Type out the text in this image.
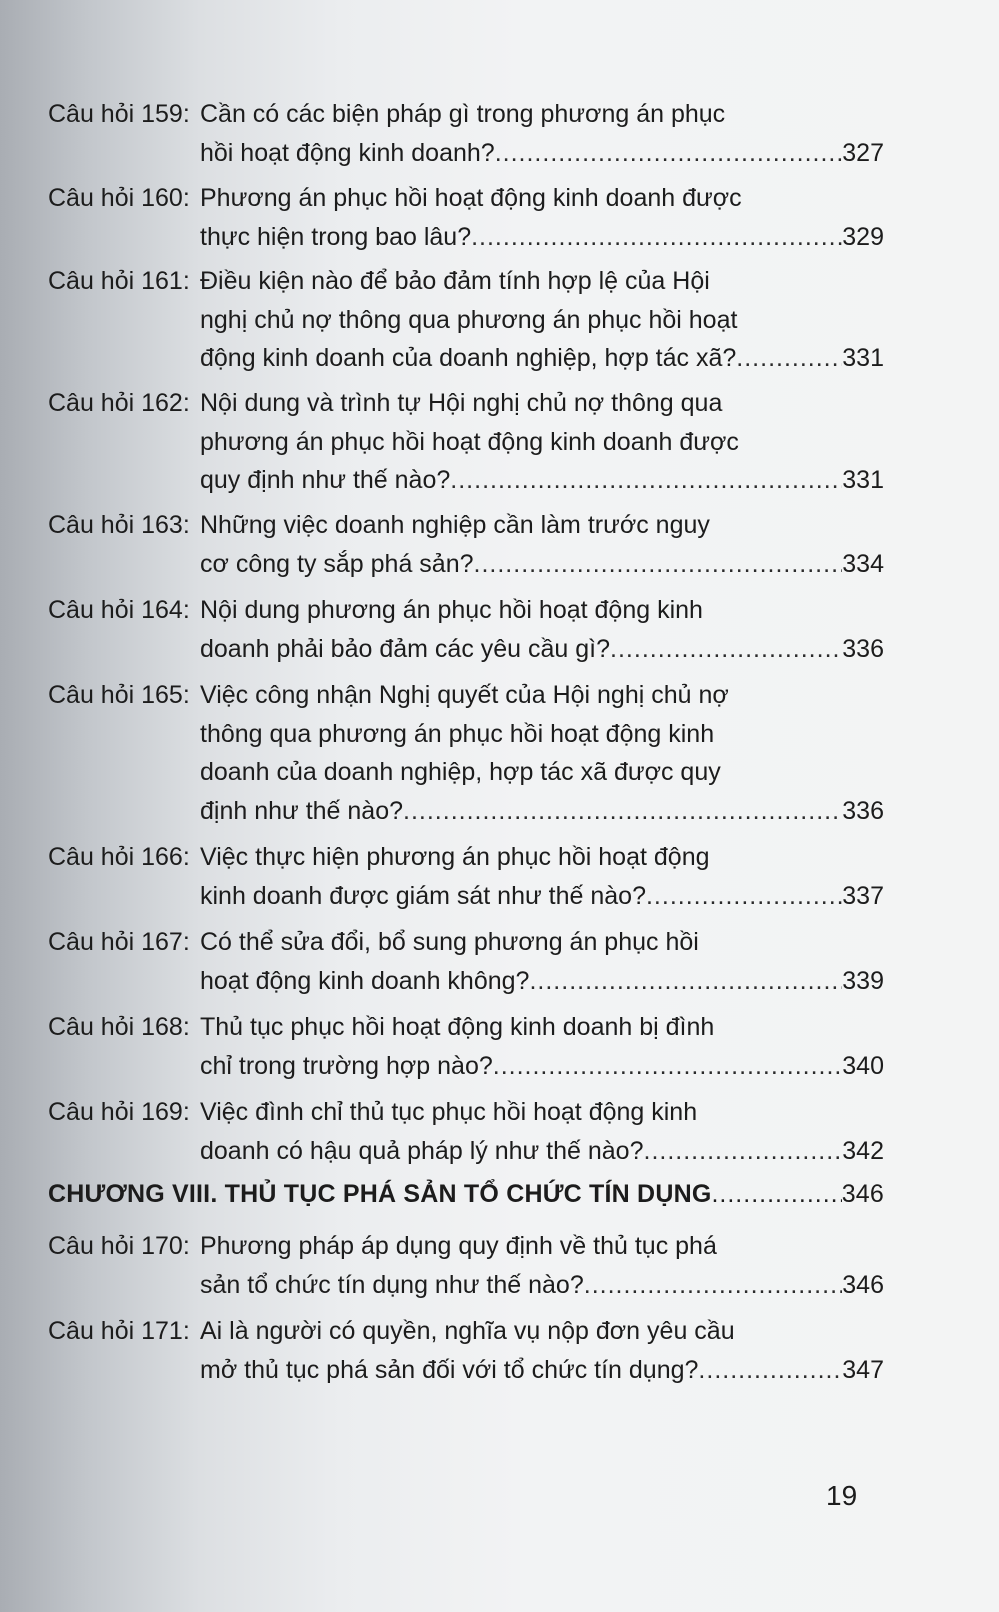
Câu hỏi 159: Cần có các biện pháp gì trong phương án phục
hồi hoạt động kinh doanh? .....	327
Câu hỏi 160: Phương án phục hồi hoạt động kinh doanh được
thực hiện trong bao lâu? .....	329
Câu hỏi 161: Điều kiện nào để bảo đảm tính hợp lệ của Hội
nghị chủ nợ thông qua phương án phục hồi hoạt
động kinh doanh của doanh nghiệp, hợp tác xã? .....	331
Câu hỏi 162: Nội dung và trình tự Hội nghị chủ nợ thông qua
phương án phục hồi hoạt động kinh doanh được
quy định như thế nào? .....	331
Câu hỏi 163: Những việc doanh nghiệp cần làm trước nguy
cơ công ty sắp phá sản? .....	334
Câu hỏi 164: Nội dung phương án phục hồi hoạt động kinh
doanh phải bảo đảm các yêu cầu gì? .....	336
Câu hỏi 165: Việc công nhận Nghị quyết của Hội nghị chủ nợ
thông qua phương án phục hồi hoạt động kinh
doanh của doanh nghiệp, hợp tác xã được quy
định như thế nào? .....	336
Câu hỏi 166: Việc thực hiện phương án phục hồi hoạt động
kinh doanh được giám sát như thế nào? .....	337
Câu hỏi 167: Có thể sửa đổi, bổ sung phương án phục hồi
hoạt động kinh doanh không? .....	339
Câu hỏi 168: Thủ tục phục hồi hoạt động kinh doanh bị đình
chỉ trong trường hợp nào? .....	340
Câu hỏi 169: Việc đình chỉ thủ tục phục hồi hoạt động kinh
doanh có hậu quả pháp lý như thế nào? .....	342
CHƯƠNG VIII. THỦ TỤC PHÁ SẢN TỔ CHỨC TÍN DỤNG .....	346
Câu hỏi 170: Phương pháp áp dụng quy định về thủ tục phá
sản tổ chức tín dụng như thế nào? .....	346
Câu hỏi 171: Ai là người có quyền, nghĩa vụ nộp đơn yêu cầu
mở thủ tục phá sản đối với tổ chức tín dụng? .....	347
19
